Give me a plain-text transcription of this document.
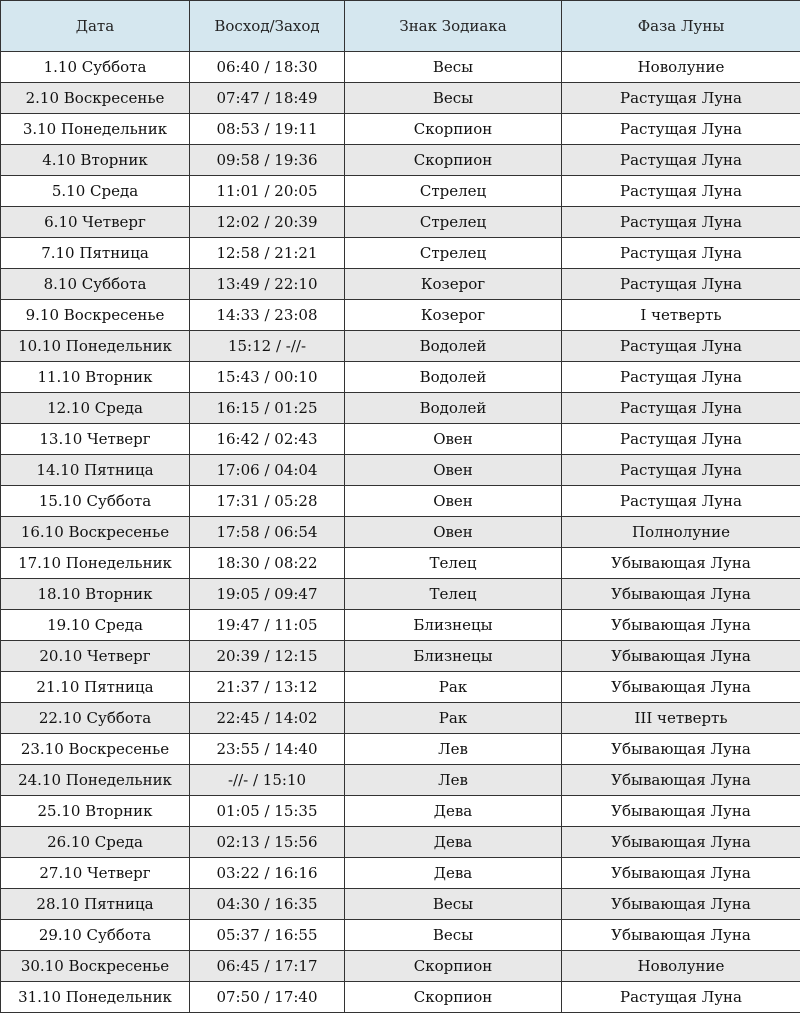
Дата	Восход/Заход	Знак Зодиака	Фаза Луны
1.10 Суббота	06:40 / 18:30	Весы	Новолуние
2.10 Воскресенье	07:47 / 18:49	Весы	Растущая Луна
3.10 Понедельник	08:53 / 19:11	Скорпион	Растущая Луна
4.10 Вторник	09:58 / 19:36	Скорпион	Растущая Луна
5.10 Среда	11:01 / 20:05	Стрелец	Растущая Луна
6.10 Четверг	12:02 / 20:39	Стрелец	Растущая Луна
7.10 Пятница	12:58 / 21:21	Стрелец	Растущая Луна
8.10 Суббота	13:49 / 22:10	Козерог	Растущая Луна
9.10 Воскресенье	14:33 / 23:08	Козерог	I четверть
10.10 Понедельник	15:12 / -//-	Водолей	Растущая Луна
11.10 Вторник	15:43 / 00:10	Водолей	Растущая Луна
12.10 Среда	16:15 / 01:25	Водолей	Растущая Луна
13.10 Четверг	16:42 / 02:43	Овен	Растущая Луна
14.10 Пятница	17:06 / 04:04	Овен	Растущая Луна
15.10 Суббота	17:31 / 05:28	Овен	Растущая Луна
16.10 Воскресенье	17:58 / 06:54	Овен	Полнолуние
17.10 Понедельник	18:30 / 08:22	Телец	Убывающая Луна
18.10 Вторник	19:05 / 09:47	Телец	Убывающая Луна
19.10 Среда	19:47 / 11:05	Близнецы	Убывающая Луна
20.10 Четверг	20:39 / 12:15	Близнецы	Убывающая Луна
21.10 Пятница	21:37 / 13:12	Рак	Убывающая Луна
22.10 Суббота	22:45 / 14:02	Рак	III четверть
23.10 Воскресенье	23:55 / 14:40	Лев	Убывающая Луна
24.10 Понедельник	-//- / 15:10	Лев	Убывающая Луна
25.10 Вторник	01:05 / 15:35	Дева	Убывающая Луна
26.10 Среда	02:13 / 15:56	Дева	Убывающая Луна
27.10 Четверг	03:22 / 16:16	Дева	Убывающая Луна
28.10 Пятница	04:30 / 16:35	Весы	Убывающая Луна
29.10 Суббота	05:37 / 16:55	Весы	Убывающая Луна
30.10 Воскресенье	06:45 / 17:17	Скорпион	Новолуние
31.10 Понедельник	07:50 / 17:40	Скорпион	Растущая Луна
